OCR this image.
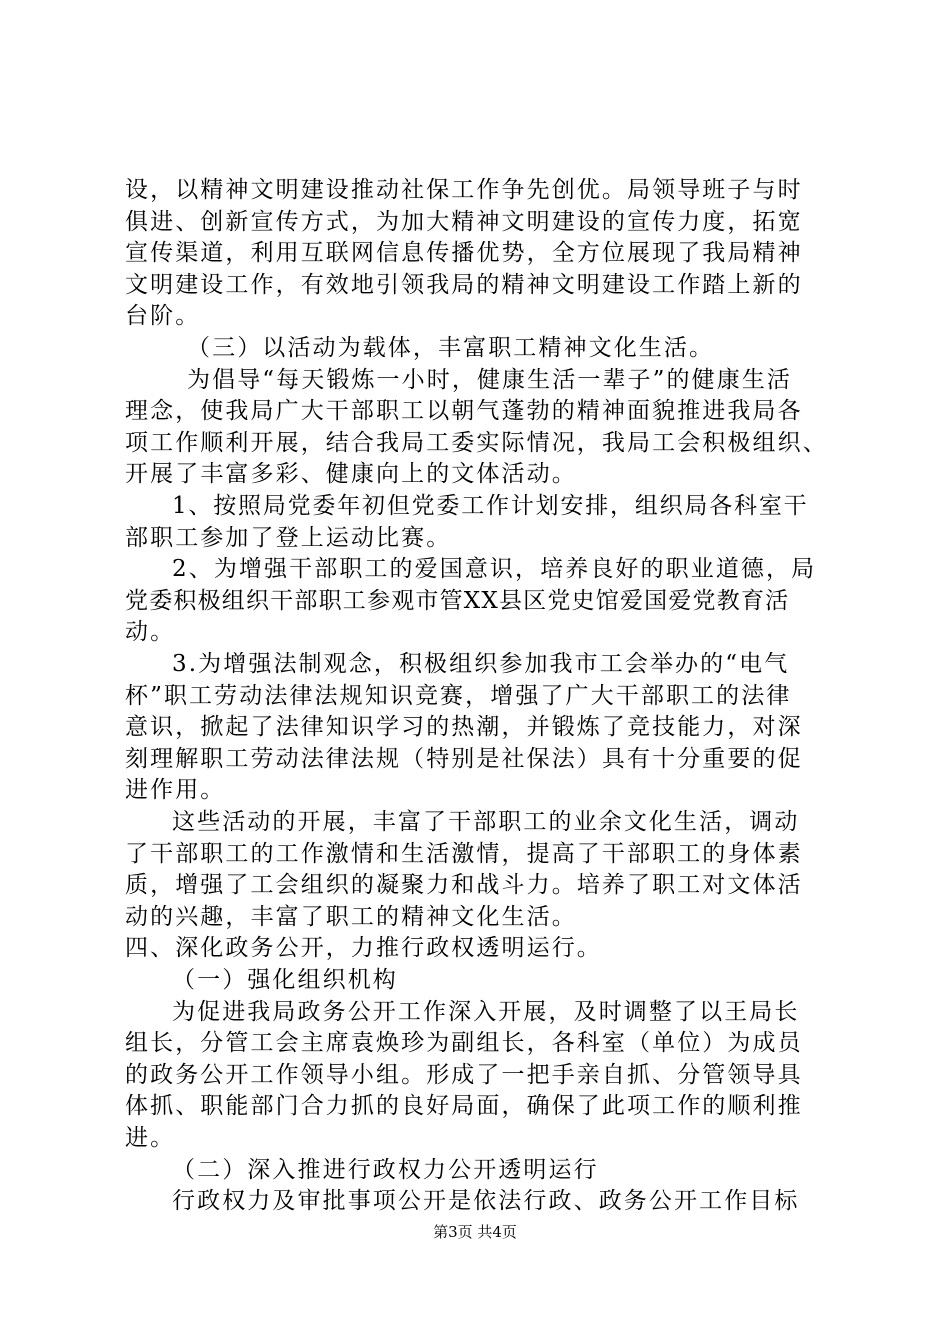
设，以精神文明建设推动社保工作争先创优。局领导班子与时
俱进、创新宣传方式，为加大精神文明建设的宣传力度，拓宽
宣传渠道，利用互联网信息传播优势，全方位展现了我局精神
文明建设工作，有效地引领我局的精神文明建设工作踏上新的
台阶。
（三）以活动为载体，丰富职工精神文化生活。
为倡导“每天锻炼一小时，健康生活一辈子”的健康生活
理念，使我局广大干部职工以朝气蓬勃的精神面貌推进我局各
项工作顺利开展，结合我局工委实际情况，我局工会积极组织、
开展了丰富多彩、健康向上的文体活动。
1、按照局党委年初但党委工作计划安排，组织局各科室干
部职工参加了登上运动比赛。
2、为增强干部职工的爱国意识，培养良好的职业道德，局
党委积极组织干部职工参观市管XX县区党史馆爱国爱党教育活
动。
3.为增强法制观念，积极组织参加我市工会举办的“电气
杯”职工劳动法律法规知识竞赛，增强了广大干部职工的法律
意识，掀起了法律知识学习的热潮，并锻炼了竞技能力，对深
刻理解职工劳动法律法规（特别是社保法）具有十分重要的促
进作用。
这些活动的开展，丰富了干部职工的业余文化生活，调动
了干部职工的工作激情和生活激情，提高了干部职工的身体素
质，增强了工会组织的凝聚力和战斗力。培养了职工对文体活
动的兴趣，丰富了职工的精神文化生活。
四、深化政务公开，力推行政权透明运行。
（一）强化组织机构
为促进我局政务公开工作深入开展，及时调整了以王局长
组长，分管工会主席袁焕珍为副组长，各科室（单位）为成员
的政务公开工作领导小组。形成了一把手亲自抓、分管领导具
体抓、职能部门合力抓的良好局面，确保了此项工作的顺利推
进。
（二）深入推进行政权力公开透明运行
行政权力及审批事项公开是依法行政、政务公开工作目标
第3页 共4页
